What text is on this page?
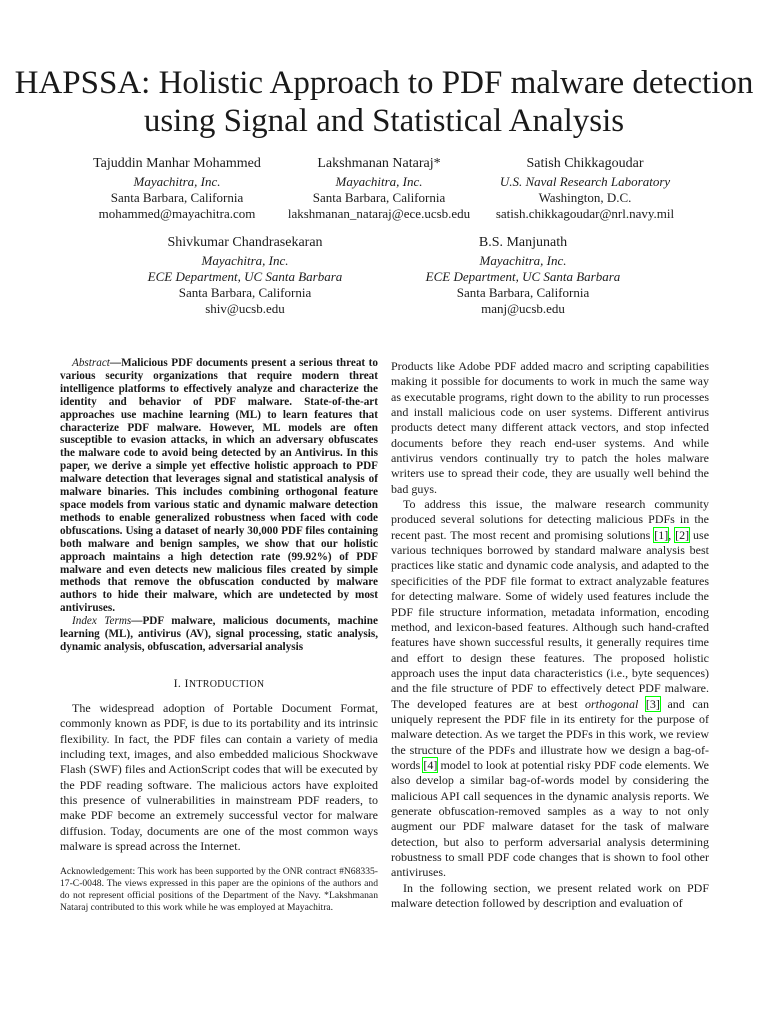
HAPSSA: Holistic Approach to PDF malware detection using Signal and Statistical Analysis
Tajuddin Manhar Mohammed
Mayachitra, Inc.
Santa Barbara, California
mohammed@mayachitra.com
Lakshmanan Nataraj*
Mayachitra, Inc.
Santa Barbara, California
lakshmanan_nataraj@ece.ucsb.edu
Satish Chikkagoudar
U.S. Naval Research Laboratory
Washington, D.C.
satish.chikkagoudar@nrl.navy.mil
Shivkumar Chandrasekaran
Mayachitra, Inc.
ECE Department, UC Santa Barbara
Santa Barbara, California
shiv@ucsb.edu
B.S. Manjunath
Mayachitra, Inc.
ECE Department, UC Santa Barbara
Santa Barbara, California
manj@ucsb.edu

Abstract—Malicious PDF documents present a serious threat to various security organizations that require modern threat intelligence platforms to effectively analyze and characterize the identity and behavior of PDF malware. State-of-the-art approaches use machine learning (ML) to learn features that characterize PDF malware. However, ML models are often susceptible to evasion attacks, in which an adversary obfuscates the malware code to avoid being detected by an Antivirus. In this paper, we derive a simple yet effective holistic approach to PDF malware detection that leverages signal and statistical analysis of malware binaries. This includes combining orthogonal feature space models from various static and dynamic malware detection methods to enable generalized robustness when faced with code obfuscations. Using a dataset of nearly 30,000 PDF files containing both malware and benign samples, we show that our holistic approach maintains a high detection rate (99.92%) of PDF malware and even detects new malicious files created by simple methods that remove the obfuscation conducted by malware authors to hide their malware, which are undetected by most antiviruses.

Index Terms—PDF malware, malicious documents, machine learning (ML), antivirus (AV), signal processing, static analysis, dynamic analysis, obfuscation, adversarial analysis

I. INTRODUCTION

The widespread adoption of Portable Document Format, commonly known as PDF, is due to its portability and its intrinsic flexibility. In fact, the PDF files can contain a variety of media including text, images, and also embedded malicious Shockwave Flash (SWF) files and ActionScript codes that will be executed by the PDF reading software. The malicious actors have exploited this presence of vulnerabilities in mainstream PDF readers, to make PDF become an extremely successful vector for malware diffusion. Today, documents are one of the most common ways malware is spread across the Internet.

Acknowledgement: This work has been supported by the ONR contract #N68335-17-C-0048. The views expressed in this paper are the opinions of the authors and do not represent official positions of the Department of the Navy. *Lakshmanan Nataraj contributed to this work while he was employed at Mayachitra.

Products like Adobe PDF added macro and scripting capabilities making it possible for documents to work in much the same way as executable programs, right down to the ability to run processes and install malicious code on user systems. Different antivirus products detect many different attack vectors, and stop infected documents before they reach end-user systems. And while antivirus vendors continually try to patch the holes malware writers use to spread their code, they are usually well behind the bad guys.

To address this issue, the malware research community produced several solutions for detecting malicious PDFs in the recent past. The most recent and promising solutions [1], [2] use various techniques borrowed by standard malware analysis best practices like static and dynamic code analysis, and adapted to the specificities of the PDF file format to extract analyzable features for detecting malware. Some of widely used features include the PDF file structure information, metadata information, encoding method, and lexicon-based features. Although such hand-crafted features have shown successful results, it generally requires time and effort to design these features. The proposed holistic approach uses the input data characteristics (i.e., byte sequences) and the file structure of PDF to effectively detect PDF malware. The developed features are at best orthogonal [3] and can uniquely represent the PDF file in its entirety for the purpose of malware detection. As we target the PDFs in this work, we review the structure of the PDFs and illustrate how we design a bag-of-words [4] model to look at potential risky PDF code elements. We also develop a similar bag-of-words model by considering the malicious API call sequences in the dynamic analysis reports. We generate obfuscation-removed samples as a way to not only augment our PDF malware dataset for the task of malware detection, but also to perform adversarial analysis determining robustness to small PDF code changes that is shown to fool other antiviruses.

In the following section, we present related work on PDF malware detection followed by description and evaluation of
